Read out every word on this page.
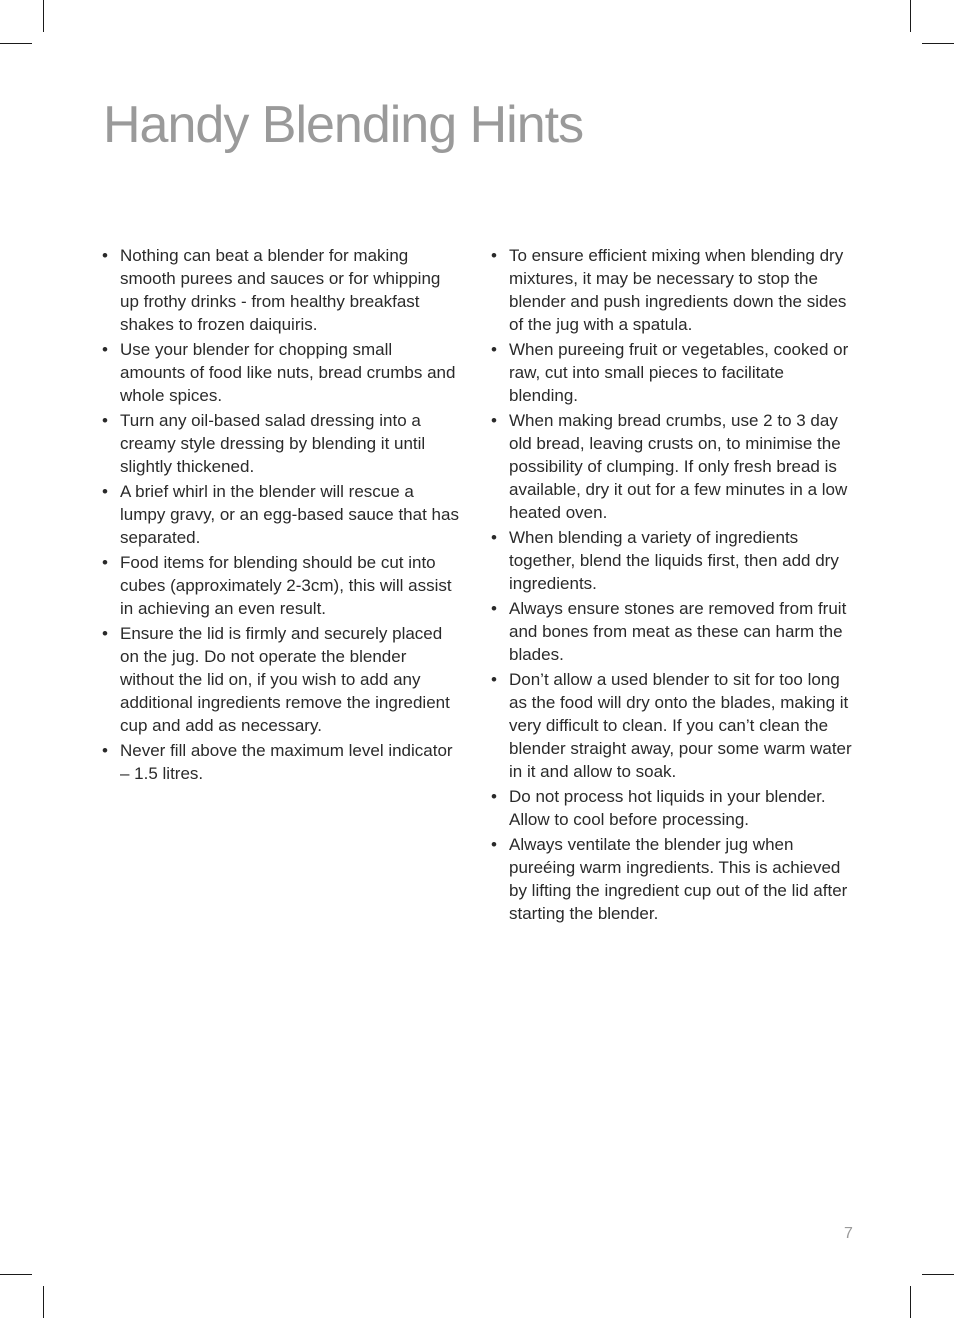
Handy Blending Hints
• Nothing can beat a blender for making smooth purees and sauces or for whipping up frothy drinks - from healthy breakfast shakes to frozen daiquiris.
• Use your blender for chopping small amounts of food like nuts, bread crumbs and whole spices.
• Turn any oil-based salad dressing into a creamy style dressing by blending it until slightly thickened.
• A brief whirl in the blender will rescue a lumpy gravy, or an egg-based sauce that has separated.
• Food items for blending should be cut into cubes (approximately 2-3cm), this will assist in achieving an even result.
• Ensure the lid is firmly and securely placed on the jug. Do not operate the blender without the lid on, if you wish to add any additional ingredients remove the ingredient cup and add as necessary.
• Never fill above the maximum level indicator – 1.5 litres.
• To ensure efficient mixing when blending dry mixtures, it may be necessary to stop the blender and push ingredients down the sides of the jug with a spatula.
• When pureeing fruit or vegetables, cooked or raw, cut into small pieces to facilitate blending.
• When making bread crumbs, use 2 to 3 day old bread, leaving crusts on, to minimise the possibility of clumping. If only fresh bread is available, dry it out for a few minutes in a low heated oven.
• When blending a variety of ingredients together, blend the liquids first, then add dry ingredients.
• Always ensure stones are removed from fruit and bones from meat as these can harm the blades.
• Don’t allow a used blender to sit for too long as the food will dry onto the blades, making it very difficult to clean. If you can’t clean the blender straight away, pour some warm water in it and allow to soak.
• Do not process hot liquids in your blender. Allow to cool before processing.
• Always ventilate the blender jug when pureéing warm ingredients. This is achieved by lifting the ingredient cup out of the lid after starting the blender.
7
